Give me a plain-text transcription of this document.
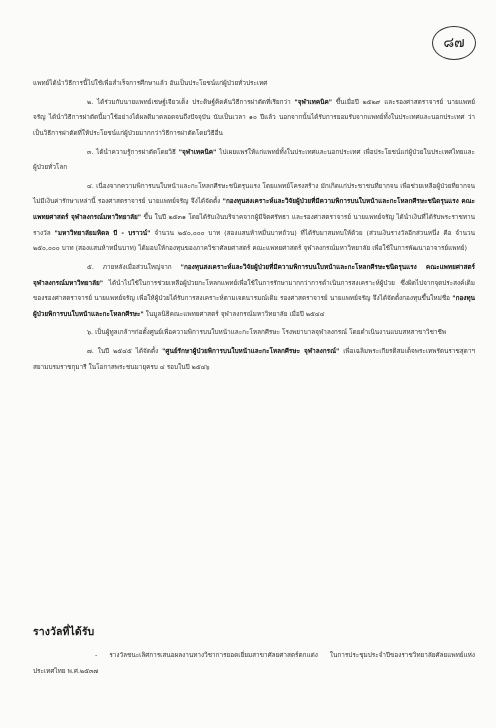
๘๗

แพทย์ได้นำวิธีการนี้ไปใช้เพื่อสำเร็จการศึกษาแล้ว อันเป็นประโยชน์แก่ผู้ป่วยทั่วประเทศ

๒. ได้ร่วมกับนายแพทย์เชษฐ์เจียวเต็ง ประดิษฐ์คิดค้นวิธีการผ่าตัดที่เรียกว่า "จุฬาเทคนิค" ขึ้นเมื่อปี ๒๕๒๙ และรองศาสตราจารย์ นายแพทย์จรัญ ได้นำวิธีการผ่าตัดนี้มาใช้อย่างได้ผลดีมาตลอดจนถึงปัจจุบัน นับเป็นเวลา ๑๐ ปีแล้ว นอกจากนั้นได้รับการยอมรับจากแพทย์ทั้งในประเทศและนอกประเทศ ว่าเป็นวิธีการผ่าตัดที่ให้ประโยชน์แก่ผู้ป่วยมากกว่าวิธีการผ่าตัดโดยวิธีอื่น

๓. ได้นำความรู้การผ่าตัดโดยวิธี "จุฬาเทคนิค" ไปเผยแพร่ให้แก่แพทย์ทั้งในประเทศและนอกประเทศ เพื่อประโยชน์แก่ผู้ป่วยในประเทศไทยและผู้ป่วยทั่วโลก

๔. เนื่องจากความพิการบนใบหน้าและกะโหลกศีรษะชนิดรุนแรง โดยแพทย์โครงสร้าง มักเกิดแก่ประชาชนที่ยากจน เพื่อช่วยเหลือผู้ป่วยที่ยากจนไม่มีเงินค่ารักษาเหล่านี้ รองศาสตราจารย์ นายแพทย์จรัญ จึงได้จัดตั้ง "กองทุนสงเคราะห์และวิจัยผู้ป่วยที่มีความพิการบนใบหน้าและกะโหลกศีรษะชนิดรุนแรง คณะแพทยศาสตร์ จุฬาลงกรณ์มหาวิทยาลัย" ขึ้น ในปี ๒๕๓๑ โดยได้รับเงินบริจาคจากผู้มีจิตศรัทธา และรองศาสตราจารย์ นายแพทย์จรัญ ได้นำเงินที่ได้รับพระราชทานรางวัล "มหาวิทยาลัยมหิดล บี - บราวน์" จำนวน ๒๕๐,๐๐๐ บาท (สองแสนห้าหมื่นบาทถ้วน) ที่ได้รับมาสมทบให้ด้วย (ส่วนเงินรางวัลอีกส่วนหนึ่ง คือ จำนวน ๒๕๐,๐๐๐ บาท (สองแสนห้าหมื่นบาท) ได้มอบให้กองทุนของภาควิชาศัลยศาสตร์ คณะแพทยศาสตร์ จุฬาลงกรณ์มหาวิทยาลัย เพื่อใช้ในการพัฒนาอาจารย์แพทย์)

๕. ภายหลังเมื่อส่วนใหญ่จาก "กองทุนสงเคราะห์และวิจัยผู้ป่วยที่มีความพิการบนใบหน้าและกะโหลกศีรษะชนิดรุนแรง คณะแพทยศาสตร์ จุฬาลงกรณ์มหาวิทยาลัย" ได้นำไปใช้ในการช่วยเหลือผู้ป่วยกะโหลกแพทย์เพื่อใช้ในการรักษามากกว่าการดำเนินการสงเคราะห์ผู้ป่วย ซึ่งผิดไปจากจุดประสงค์เดิมของรองศาสตราจารย์ นายแพทย์จรัญ เพื่อให้ผู้ป่วยได้รับการสงเคราะห์ตามเจตนารมณ์เดิม รองศาสตราจารย์ นายแพทย์จรัญ จึงได้จัดตั้งกองทุนขึ้นใหม่ชื่อ "กองทุนผู้ป่วยพิการบนใบหน้าและกะโหลกศีรษะ" ในมูลนิธิคณะแพทยศาสตร์ จุฬาลงกรณ์มหาวิทยาลัย เมื่อปี ๒๕๔๔

๖. เป็นผู้ทูลเกล้าฯก่อตั้งศูนย์เพื่อความพิการบนใบหน้าและกะโหลกศีรษะ โรงพยาบาลจุฬาลงกรณ์ โดยดำเนินงานแบบสหสาขาวิชาชีพ

๗. ในปี ๒๕๔๕ ได้จัดตั้ง "ศูนย์รักษาผู้ป่วยพิการบนใบหน้าและกะโหลกศีรษะ จุฬาลงกรณ์" เพื่อเฉลิมพระเกียรติสมเด็จพระเทพรัตนราชสุดาฯ สยามบรมราชกุมารี ในโอกาสพระชนมายุครบ ๔ รอบในปี ๒๕๔๖

รางวัลที่ได้รับ

- รางวัลชนะเลิศการเสนอผลงานทางวิชาการยอดเยี่ยมสาขาศัลยศาสตร์ตกแต่ง ในการประชุมประจำปีของราชวิทยาลัยศัลยแพทย์แห่งประเทศไทย พ.ศ.๒๕๓๗
